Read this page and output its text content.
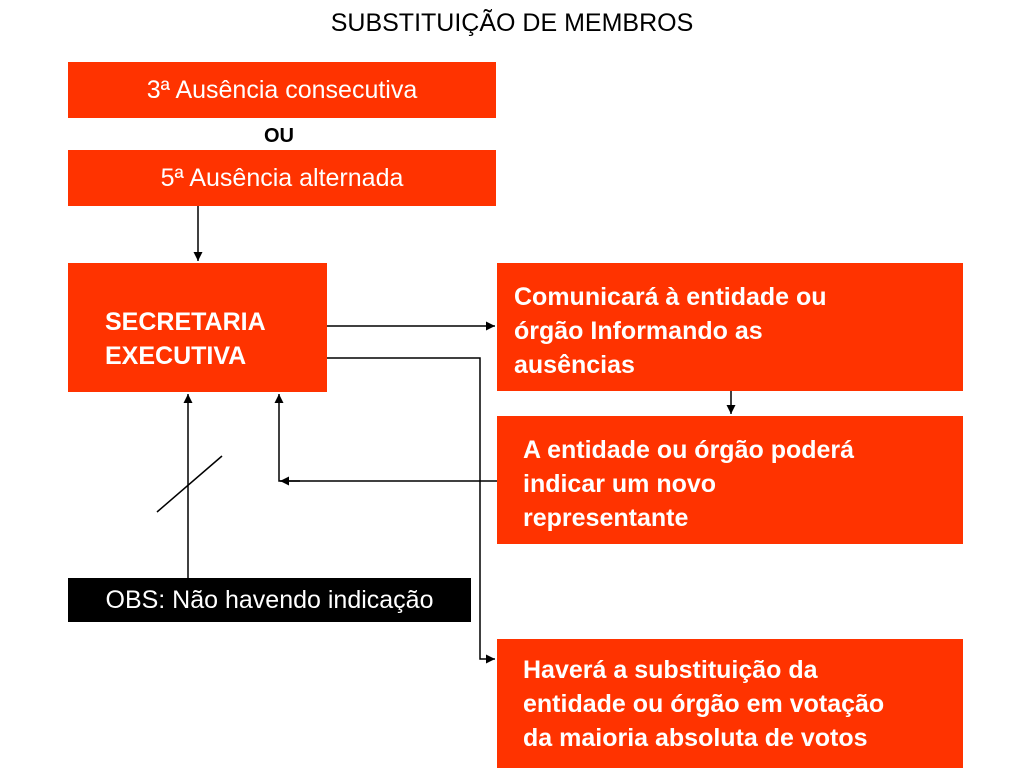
SUBSTITUIÇÃO DE MEMBROS
3ª Ausência consecutiva
OU
5ª Ausência alternada
SECRETARIA
EXECUTIVA
Comunicará à entidade ou
órgão Informando as
ausências
A entidade ou órgão poderá
indicar um novo
representante
OBS: Não havendo indicação
Haverá a substituição da
entidade ou órgão em votação
da maioria absoluta de votos
